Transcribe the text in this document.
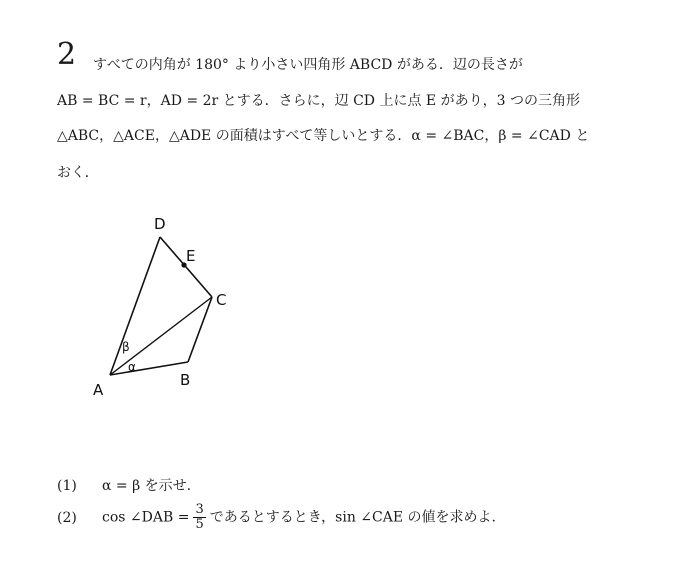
2 すべての内角が 180° より小さい四角形 ABCD がある．辺の長さが
AB = BC = r，AD = 2r とする．さらに，辺 CD 上に点 E があり，3 つの三角形
△ABC，△ACE，△ADE の面積はすべて等しいとする．α = ∠BAC，β = ∠CAD と
おく．
D
E
C
B
A
β
α
(1) α = β を示せ.
(2) cos ∠DAB = $\frac{3}{5}$ であるとするとき，sin ∠CAE の値を求めよ.
